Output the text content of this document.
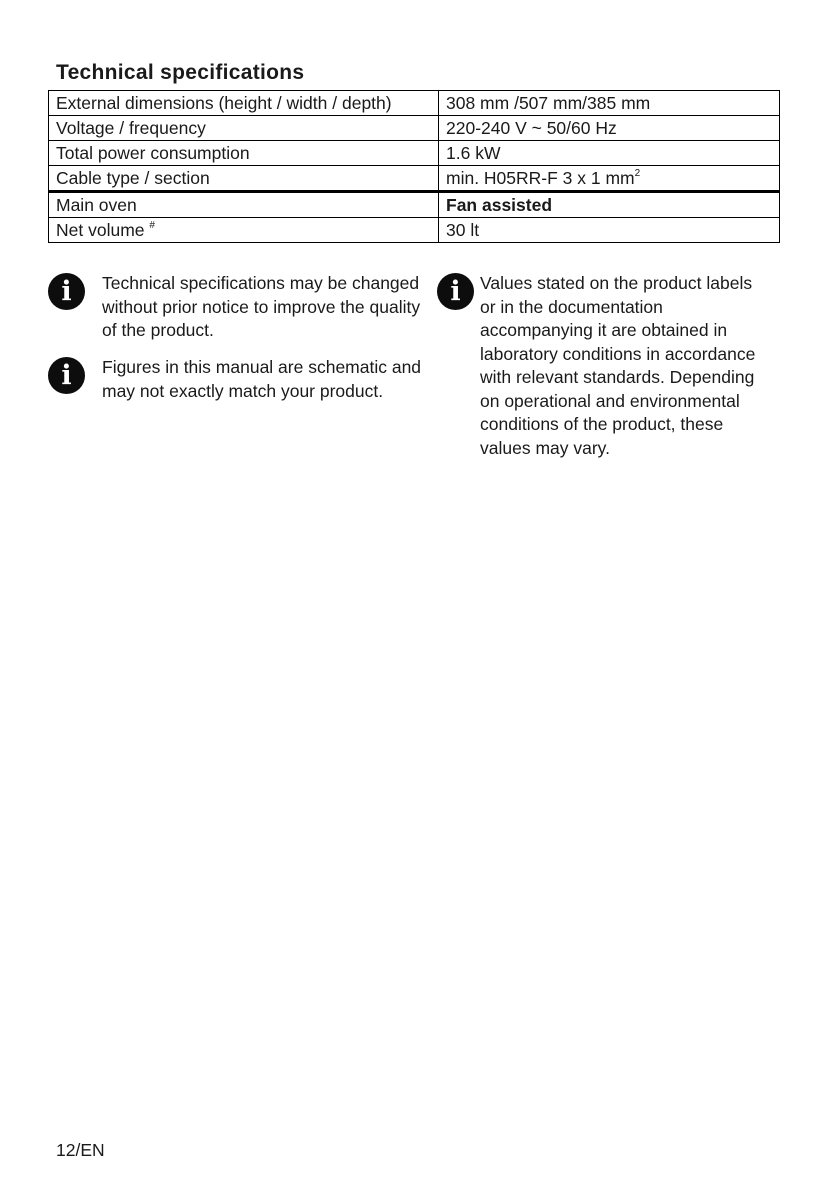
Technical specifications
External dimensions (height / width / depth)	308 mm /507 mm/385 mm
Voltage / frequency	220-240 V ~ 50/60 Hz
Total power consumption	1.6 kW
Cable type / section	min. H05RR-F 3 x 1 $mm^2$
Main oven	Fan assisted
Net volume #	30 lt
i	Technical specifications may be changed without prior notice to improve the quality of the product.
i	Figures in this manual are schematic and may not exactly match your product.
i	Values stated on the product labels or in the documentation accompanying it are obtained in laboratory conditions in accordance with relevant standards. Depending on operational and environmental conditions of the product, these values may vary.
12/EN
